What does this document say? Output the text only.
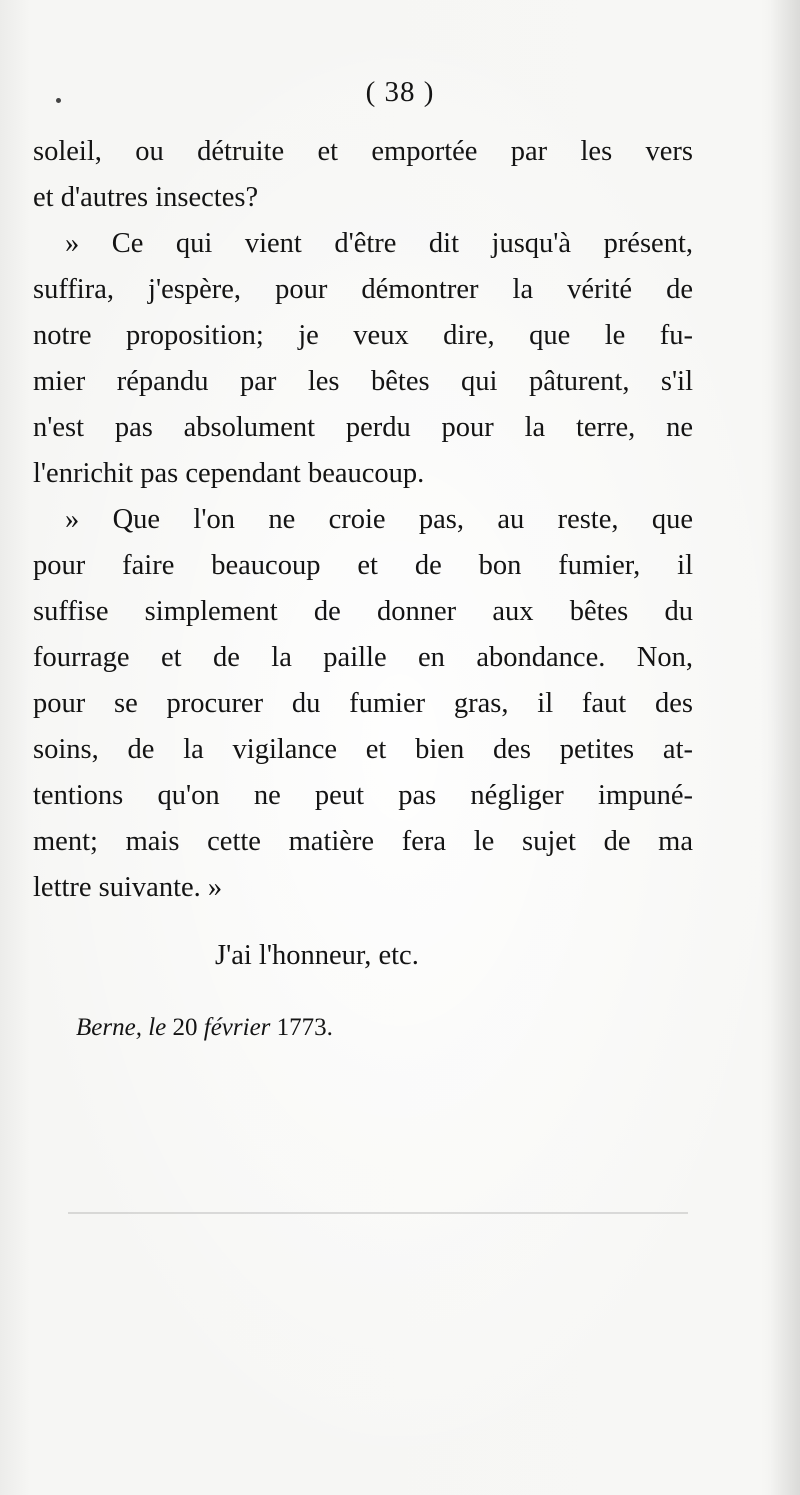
( 38 )
soleil, ou détruite et emportée par les vers
et d'autres insectes?
» Ce qui vient d'être dit jusqu'à présent,
suffira, j'espère, pour démontrer la vérité de
notre proposition; je veux dire, que le fu-
mier répandu par les bêtes qui pâturent, s'il
n'est pas absolument perdu pour la terre, ne
l'enrichit pas cependant beaucoup.
» Que l'on ne croie pas, au reste, que
pour faire beaucoup et de bon fumier, il
suffise simplement de donner aux bêtes du
fourrage et de la paille en abondance. Non,
pour se procurer du fumier gras, il faut des
soins, de la vigilance et bien des petites at-
tentions qu'on ne peut pas négliger impuné-
ment; mais cette matière fera le sujet de ma
lettre suivante. »
J'ai l'honneur, etc.
Berne, le 20 février 1773.
